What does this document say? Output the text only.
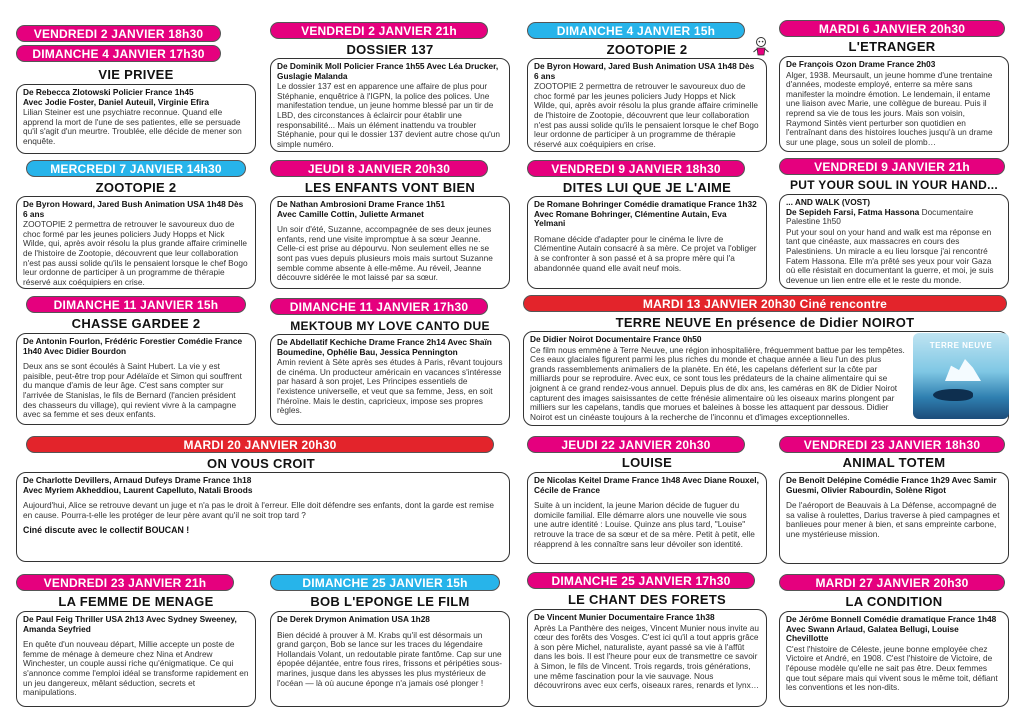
VENDREDI 2 JANVIER 18h30
DIMANCHE 4 JANVIER 17h30
VIE PRIVEE
De Rebecca Zlotowski Policier France 1h45
Avec Jodie Foster, Daniel Auteuil, Virginie Efira
Lilian Steiner est une psychiatre reconnue. Quand elle apprend la mort de l'une de ses patientes, elle se persuade qu'il s'agit d'un meurtre. Troublée, elle décide de mener son enquête.
VENDREDI 2 JANVIER 21h
DOSSIER 137
De Dominik Moll Policier France 1h55 Avec Léa Drucker, Guslagie Malanda
Le dossier 137 est en apparence une affaire de plus pour Stéphanie, enquêtrice à l'IGPN, la police des polices. Une manifestation tendue, un jeune homme blessé par un tir de LBD, des circonstances à éclaircir pour établir une responsabilité... Mais un élément inattendu va troubler Stéphanie, pour qui le dossier 137 devient autre chose qu'un simple numéro.
DIMANCHE 4 JANVIER 15h
ZOOTOPIE 2
De Byron Howard, Jared Bush Animation USA 1h48 Dès 6 ans
ZOOTOPIE 2 permettra de retrouver le savoureux duo de choc formé par les jeunes policiers Judy Hopps et Nick Wilde, qui, après avoir résolu la plus grande affaire criminelle de l'histoire de Zootopie, découvrent que leur collaboration n'est pas aussi solide qu'ils le pensaient lorsque le chef Bogo leur ordonne de participer à un programme de thérapie réservé aux coéquipiers en crise.
MARDI 6 JANVIER 20h30
L'ETRANGER
De François Ozon Drame France 2h03
Alger, 1938. Meursault, un jeune homme d'une trentaine d'années, modeste employé, enterre sa mère sans manifester la moindre émotion. Le lendemain, il entame une liaison avec Marie, une collègue de bureau. Puis il reprend sa vie de tous les jours. Mais son voisin, Raymond Sintès vient perturber son quotidien en l'entraînant dans des histoires louches jusqu'à un drame sur une plage, sous un soleil de plomb…
MERCREDI 7 JANVIER 14h30
ZOOTOPIE 2
De Byron Howard, Jared Bush Animation USA 1h48 Dès 6 ans
ZOOTOPIE 2 permettra de retrouver le savoureux duo de choc formé par les jeunes policiers Judy Hopps et Nick Wilde, qui, après avoir résolu la plus grande affaire criminelle de l'histoire de Zootopie, découvrent que leur collaboration n'est pas aussi solide qu'ils le pensaient lorsque le chef Bogo leur ordonne de participer à un programme de thérapie réservé aux coéquipiers en crise.
JEUDI 8 JANVIER 20h30
LES ENFANTS VONT BIEN
De Nathan Ambrosioni Drame France 1h51
Avec Camille Cottin, Juliette Armanet
Un soir d'été, Suzanne, accompagnée de ses deux jeunes enfants, rend une visite impromptue à sa sœur Jeanne. Celle-ci est prise au dépourvu. Non seulement elles ne se sont pas vues depuis plusieurs mois mais surtout Suzanne semble comme absente à elle-même. Au réveil, Jeanne découvre sidérée le mot laissé par sa sœur.
VENDREDI 9 JANVIER 18h30
DITES LUI QUE JE L'AIME
De Romane Bohringer Comédie dramatique France 1h32
Avec Romane Bohringer, Clémentine Autain, Eva Yelmani
Romane décide d'adapter pour le cinéma le livre de Clémentine Autain consacré à sa mère. Ce projet va l'obliger à se confronter à son passé et à sa propre mère qui l'a abandonnée quand elle avait neuf mois.
VENDREDI 9 JANVIER 21h
PUT YOUR SOUL IN YOUR HAND...
... AND WALK (VOST)
De Sepideh Farsi, Fatma Hassona Documentaire Palestine 1h50
Put your soul on your hand and walk est ma réponse en tant que cinéaste, aux massacres en cours des Palestiniens. Un miracle a eu lieu lorsque j'ai rencontré Fatem Hassona. Elle m'a prêté ses yeux pour voir Gaza où elle résistait en documentant la guerre, et moi, je suis devenue un lien entre elle et le reste du monde.
DIMANCHE 11 JANVIER 15h
CHASSE GARDEE 2
De Antonin Fourlon, Frédéric Forestier Comédie France 1h40 Avec Didier Bourdon
Deux ans se sont écoulés à Saint Hubert. La vie y est paisible, peut-être trop pour Adélaïde et Simon qui souffrent du manque d'amis de leur âge. C'est sans compter sur l'arrivée de Stanislas, le fils de Bernard (l'ancien président des chasseurs du village), qui revient vivre à la campagne avec sa femme et ses deux enfants.
DIMANCHE 11 JANVIER 17h30
MEKTOUB MY LOVE CANTO DUE
De Abdellatif Kechiche Drame France 2h14 Avec Shaïn Boumedine, Ophélie Bau, Jessica Pennington
Amin revient à Sète après ses études à Paris, rêvant toujours de cinéma. Un producteur américain en vacances s'intéresse par hasard à son projet, Les Principes essentiels de l'existence universelle, et veut que sa femme, Jess, en soit l'héroïne. Mais le destin, capricieux, impose ses propres règles.
MARDI 13 JANVIER 20h30 Ciné rencontre
TERRE NEUVE En présence de Didier NOIROT
De Didier Noirot Documentaire France 0h50
Ce film nous emmène à Terre Neuve, une région inhospitalière, fréquemment battue par les tempêtes. Ces eaux glaciales figurent parmi les plus riches du monde et chaque année a lieu l'un des plus grands rassemblements animaliers de la planète. En été, les capelans déferlent sur la côte par milliards pour se reproduire. Avec eux, ce sont tous les prédateurs de la chaine alimentaire qui se joignent à ce grand rendez-vous annuel. Depuis plus de dix ans, les caméras en 8K de Didier Noirot capturent des images saisissantes de cette frénésie alimentaire où les oiseaux marins plongent par milliers sur les capelans, tandis que morues et baleines à bosse les attaquent par dessous. Didier Noirot est un cinéaste toujours à la recherche de l'inconnu et d'images exceptionnelles.
TERRE NEUVE
MARDI 20 JANVIER 20h30
ON VOUS CROIT
De Charlotte Devillers, Arnaud Dufeys Drame France 1h18
Avec Myriem Akheddiou, Laurent Capelluto, Natali Broods
Aujourd'hui, Alice se retrouve devant un juge et n'a pas le droit à l'erreur. Elle doit défendre ses enfants, dont la garde est remise en cause. Pourra-t-elle les protéger de leur père avant qu'il ne soit trop tard ?
Ciné discute avec le collectif BOUCAN !
JEUDI 22 JANVIER 20h30
LOUISE
De Nicolas Keitel Drame France 1h48 Avec Diane Rouxel, Cécile de France
Suite à un incident, la jeune Marion décide de fuguer du domicile familial. Elle démarre alors une nouvelle vie sous une autre identité : Louise. Quinze ans plus tard, "Louise" retrouve la trace de sa sœur et de sa mère. Petit à petit, elle réapprend à les connaître sans leur dévoiler son identité.
VENDREDI 23 JANVIER 18h30
ANIMAL TOTEM
De Benoît Delépine Comédie France 1h29 Avec Samir Guesmi, Olivier Rabourdin, Solène Rigot
De l'aéroport de Beauvais à La Défense, accompagné de sa valise à roulettes, Darius traverse à pied campagnes et banlieues pour mener à bien, et sans empreinte carbone, une mystérieuse mission.
VENDREDI 23 JANVIER 21h
LA FEMME DE MENAGE
De Paul Feig Thriller USA 2h13 Avec Sydney Sweeney, Amanda Seyfried
En quête d'un nouveau départ, Millie accepte un poste de femme de ménage à demeure chez Nina et Andrew Winchester, un couple aussi riche qu'énigmatique. Ce qui s'annonce comme l'emploi idéal se transforme rapidement en un jeu dangereux, mêlant séduction, secrets et manipulations.
DIMANCHE 25 JANVIER 15h
BOB L'EPONGE LE FILM
De Derek Drymon Animation USA 1h28
Bien décidé à prouver à M. Krabs qu'il est désormais un grand garçon, Bob se lance sur les traces du légendaire Hollandais Volant, un redoutable pirate fantôme. Cap sur une épopée déjantée, entre fous rires, frissons et péripéties sous-marines, jusque dans les abysses les plus mystérieux de l'océan — là où aucune éponge n'a jamais osé plonger !
DIMANCHE 25 JANVIER 17h30
LE CHANT DES FORETS
De Vincent Munier Documentaire France 1h38
Après La Panthère des neiges, Vincent Munier nous invite au cœur des forêts des Vosges. C'est ici qu'il a tout appris grâce à son père Michel, naturaliste, ayant passé sa vie à l'affût dans les bois. Il est l'heure pour eux de transmettre ce savoir à Simon, le fils de Vincent. Trois regards, trois générations, une même fascination pour la vie sauvage. Nous découvrirons avec eux cerfs, oiseaux rares, renards et lynx…
MARDI 27 JANVIER 20h30
LA CONDITION
De Jérôme Bonnell Comédie dramatique France 1h48
Avec Swann Arlaud, Galatea Bellugi, Louise Chevillotte
C'est l'histoire de Céleste, jeune bonne employée chez Victoire et André, en 1908. C'est l'histoire de Victoire, de l'épouse modèle qu'elle ne sait pas être. Deux femmes que tout sépare mais qui vivent sous le même toit, défiant les conventions et les non-dits.
